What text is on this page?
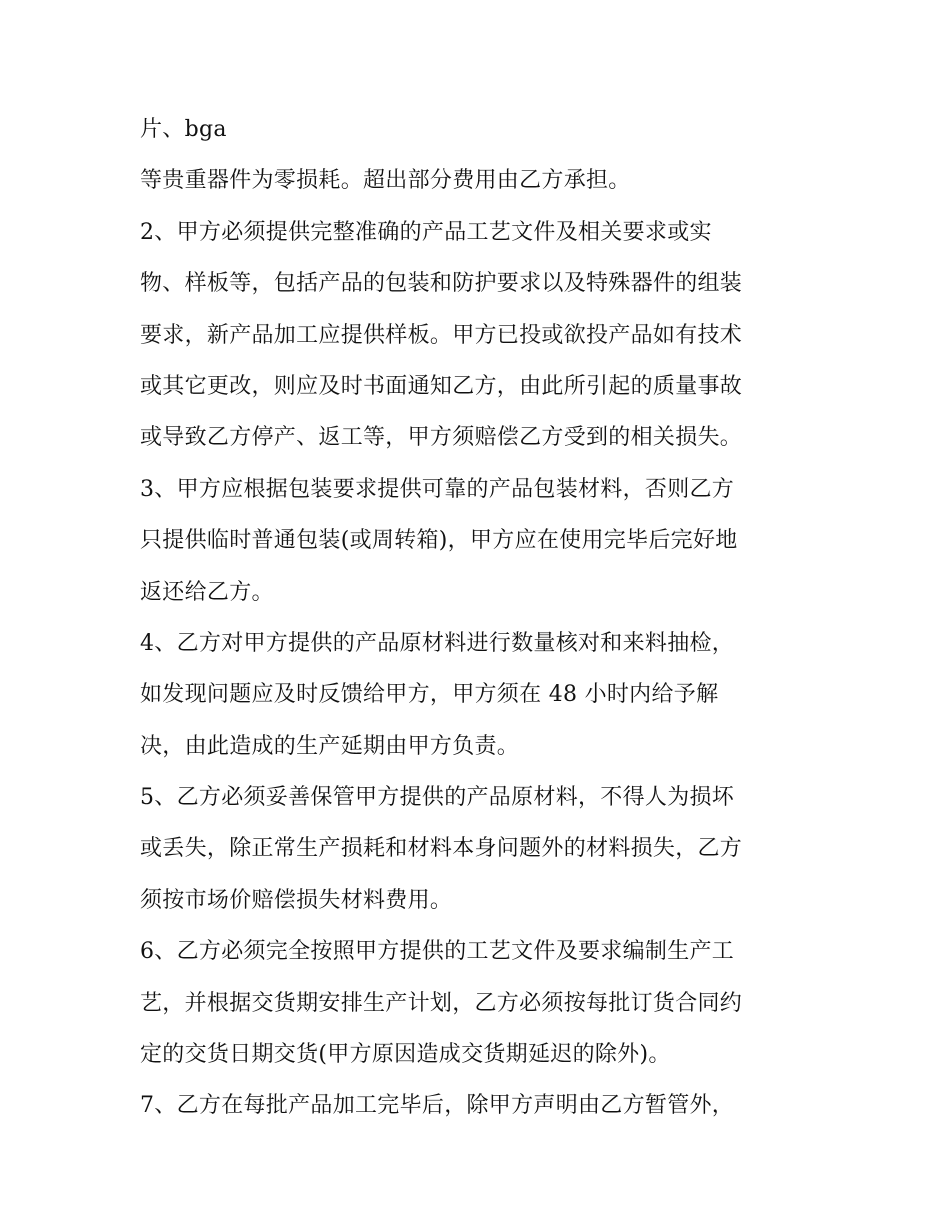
片、bga
等贵重器件为零损耗。超出部分费用由乙方承担。
2、甲方必须提供完整准确的产品工艺文件及相关要求或实
物、样板等，包括产品的包装和防护要求以及特殊器件的组装
要求，新产品加工应提供样板。甲方已投或欲投产品如有技术
或其它更改，则应及时书面通知乙方，由此所引起的质量事故
或导致乙方停产、返工等，甲方须赔偿乙方受到的相关损失。
3、甲方应根据包装要求提供可靠的产品包装材料，否则乙方
只提供临时普通包装(或周转箱)，甲方应在使用完毕后完好地
返还给乙方。
4、乙方对甲方提供的产品原材料进行数量核对和来料抽检，
如发现问题应及时反馈给甲方，甲方须在 48 小时内给予解
决，由此造成的生产延期由甲方负责。
5、乙方必须妥善保管甲方提供的产品原材料，不得人为损坏
或丢失，除正常生产损耗和材料本身问题外的材料损失，乙方
须按市场价赔偿损失材料费用。
6、乙方必须完全按照甲方提供的工艺文件及要求编制生产工
艺，并根据交货期安排生产计划，乙方必须按每批订货合同约
定的交货日期交货(甲方原因造成交货期延迟的除外)。
7、乙方在每批产品加工完毕后，除甲方声明由乙方暂管外，
